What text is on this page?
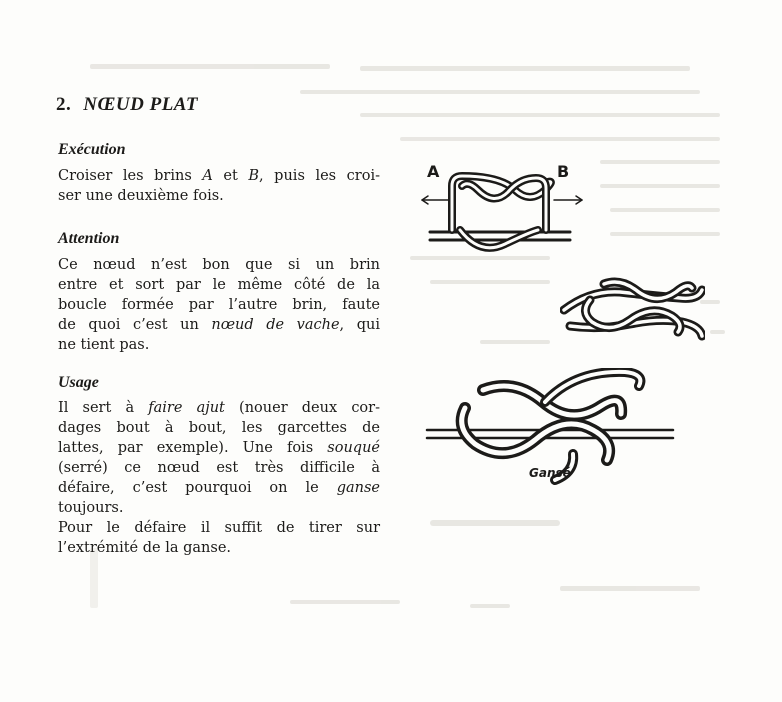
2. NŒUD PLAT
Exécution
Croiser les brins A et B, puis les croi-
ser une deuxième fois.
Attention
Ce nœud n’est bon que si un brin
entre et sort par le même côté de la
boucle formée par l’autre brin, faute
de quoi c’est un nœud de vache, qui
ne tient pas.
Usage
Il sert à faire ajut (nouer deux cor-
dages bout à bout, les garcettes de
lattes, par exemple). Une fois souqué
(serré) ce nœud est très difficile à
défaire, c’est pourquoi on le ganse
toujours.
Pour le défaire il suffit de tirer sur
l’extrémité de la ganse.
A	B
Gansé
